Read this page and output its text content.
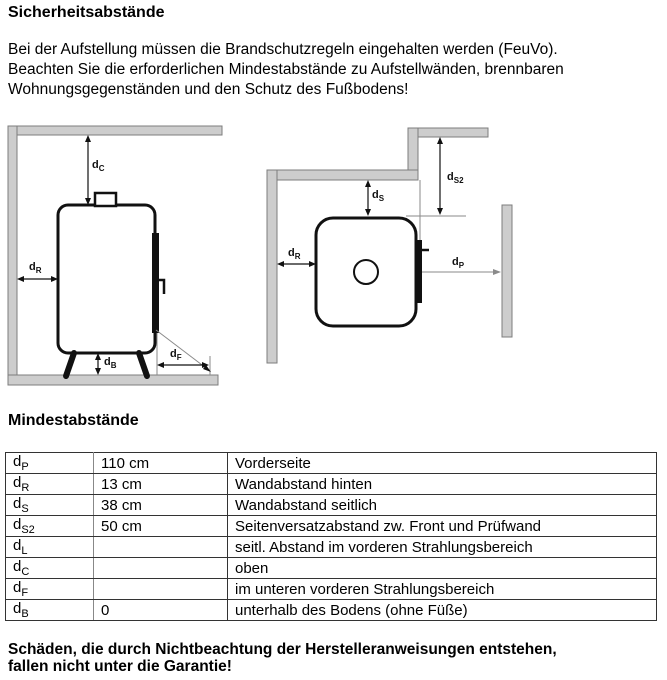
Sicherheitsabstände
Bei der Aufstellung müssen die Brandschutzregeln eingehalten werden (FeuVo).
Beachten Sie die erforderlichen Mindestabstände zu Aufstellwänden, brennbaren
Wohnungsgegenständen und den Schutz des Fußbodens!
$d_C$
$d_R$
$d_B$
$d_F$
$d_S$
$d_{S2}$
$d_R$	$d_P$
Mindestabstände
$d_P$	110 cm	Vorderseite
$d_R$	13 cm	Wandabstand hinten
$d_S$	38 cm	Wandabstand seitlich
$d_{S2}$	50 cm	Seitenversatzabstand zw. Front und Prüfwand
$d_L$		seitl. Abstand im vorderen Strahlungsbereich
$d_C$		oben
$d_F$		im unteren vorderen Strahlungsbereich
$d_B$	0	unterhalb des Bodens (ohne Füße)
Schäden, die durch Nichtbeachtung der Herstelleranweisungen entstehen,
fallen nicht unter die Garantie!
